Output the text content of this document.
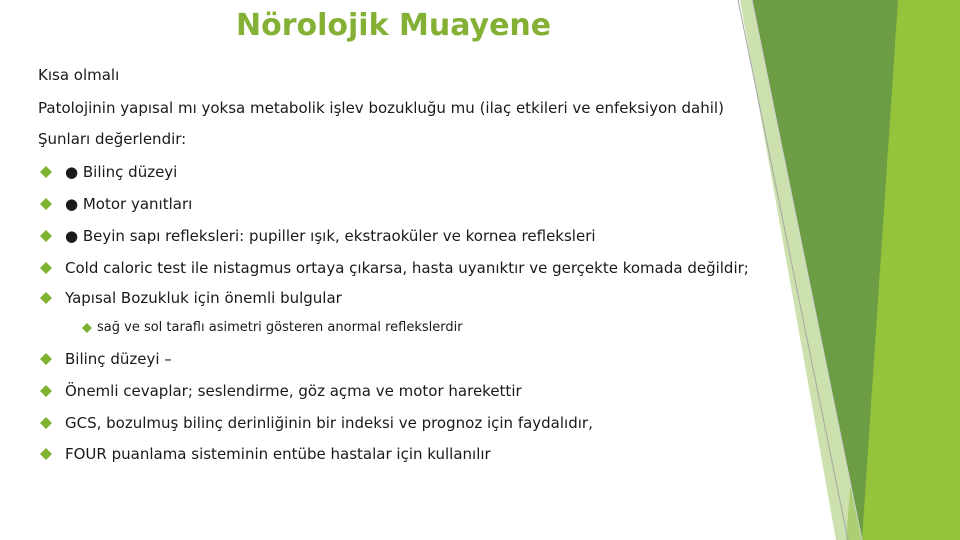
Nörolojik Muayene
Kısa olmalı
Patolojinin yapısal mı yoksa metabolik işlev bozukluğu mu (ilaç etkileri ve enfeksiyon dahil)
Şunları değerlendir:
● Bilinç düzeyi
● Motor yanıtları
● Beyin sapı refleksleri: pupiller ışık, ekstraoküler ve kornea refleksleri
Cold caloric test ile nistagmus ortaya çıkarsa, hasta uyanıktır ve gerçekte komada değildir;
Yapısal Bozukluk için önemli bulgular
sağ ve sol taraflı asimetri gösteren anormal reflekslerdir
Bilinç düzeyi –
Önemli cevaplar; seslendirme, göz açma ve motor harekettir
GCS, bozulmuş bilinç derinliğinin bir indeksi ve prognoz için faydalıdır,
FOUR puanlama sisteminin entübe hastalar için kullanılır
